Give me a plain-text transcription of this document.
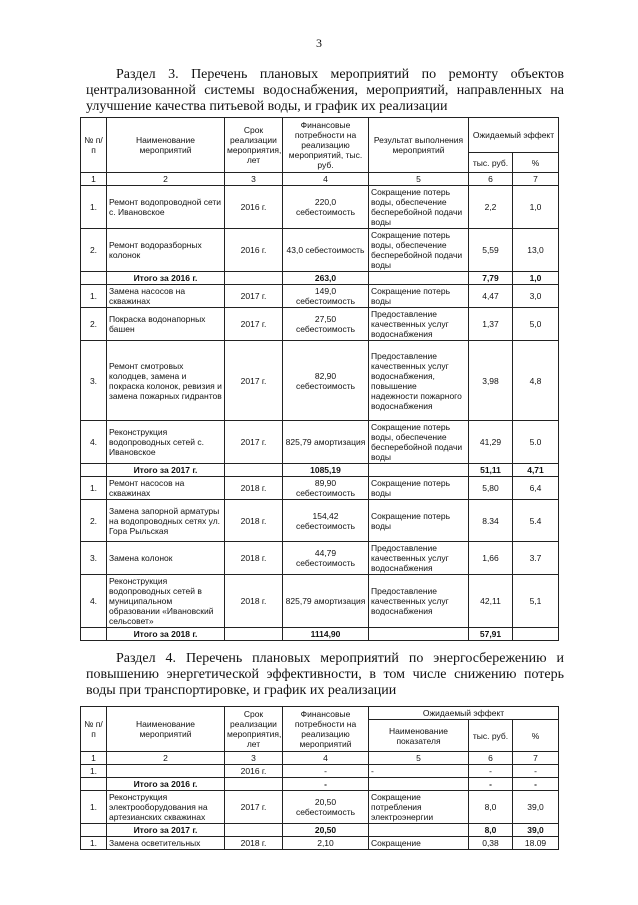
3
Раздел 3. Перечень плановых мероприятий по ремонту объектов централизованной системы водоснабжения, мероприятий, направленных на улучшение качества питьевой воды, и график их реализации
№ п/п	Наименование мероприятий	Срок реализации мероприятия, лет	Финансовые потребности на реализацию мероприятий, тыс. руб.	Результат выполнения мероприятий	Ожидаемый эффект	
					тыс. руб.	%
1	2	3	4	5	6	7
1.	Ремонт водопроводной сети с. Ивановское	2016 г.	220,0 себестоимость	Сокращение потерь воды, обеспечение бесперебойной подачи воды	2,2	1,0
2.	Ремонт водоразборных колонок	2016 г.	43,0 себестоимость	Сокращение потерь воды, обеспечение бесперебойной подачи воды	5,59	13,0
	Итого за 2016 г.		263,0		7,79	1,0
1.	Замена насосов на скважинах	2017 г.	149,0 себестоимость	Сокращение потерь воды	4,47	3,0
2.	Покраска водонапорных башен	2017 г.	27,50 себестоимость	Предоставление качественных услуг водоснабжения	1,37	5,0
3.	Ремонт смотровых колодцев, замена и покраска колонок, ревизия и замена пожарных гидрантов	2017 г.	82,90 себестоимость	Предоставление качественных услуг водоснабжения, повышение надежности пожарного водоснабжения	3,98	4,8
4.	Реконструкция водопроводных сетей с. Ивановское	2017 г.	825,79 амортизация	Сокращение потерь воды, обеспечение бесперебойной подачи воды	41,29	5.0
	Итого за 2017 г.		1085,19		51,11	4,71
1.	Ремонт насосов на скважинах	2018 г.	89,90 себестоимость	Сокращение потерь воды	5,80	6,4
2.	Замена запорной арматуры на водопроводных сетях ул. Гора Рыльская	2018 г.	154,42 себестоимость	Сокращение потерь воды	8.34	5.4
3.	Замена колонок	2018 г.	44,79 себестоимость	Предоставление качественных услуг водоснабжения	1,66	3.7
4.	Реконструкция водопроводных сетей в муниципальном образовании «Ивановский сельсовет»	2018 г.	825,79 амортизация	Предоставление качественных услуг водоснабжения	42,11	5,1
	Итого за 2018 г.		1114,90		57,91	
Раздел 4. Перечень плановых мероприятий по энергосбережению и повышению энергетической эффективности, в том числе снижению потерь воды при транспортировке, и график их реализации
№ п/п	Наименование мероприятий	Срок реализации мероприятия, лет	Финансовые потребности на реализацию мероприятий	Ожидаемый эффект		
				Наименование показателя	тыс. руб.	%
1	2	3	4	5	6	7
1.		2016 г.	-	-	-	-
	Итого за 2016 г.		-		-	-
1.	Реконструкция электрооборудования на артезианских скважинах	2017 г.	20,50 себестоимость	Сокращение потребления электроэнергии	8,0	39,0
	Итого за 2017 г.		20,50		8,0	39,0
1.	Замена осветительных	2018 г.	2,10	Сокращение	0,38	18.09
